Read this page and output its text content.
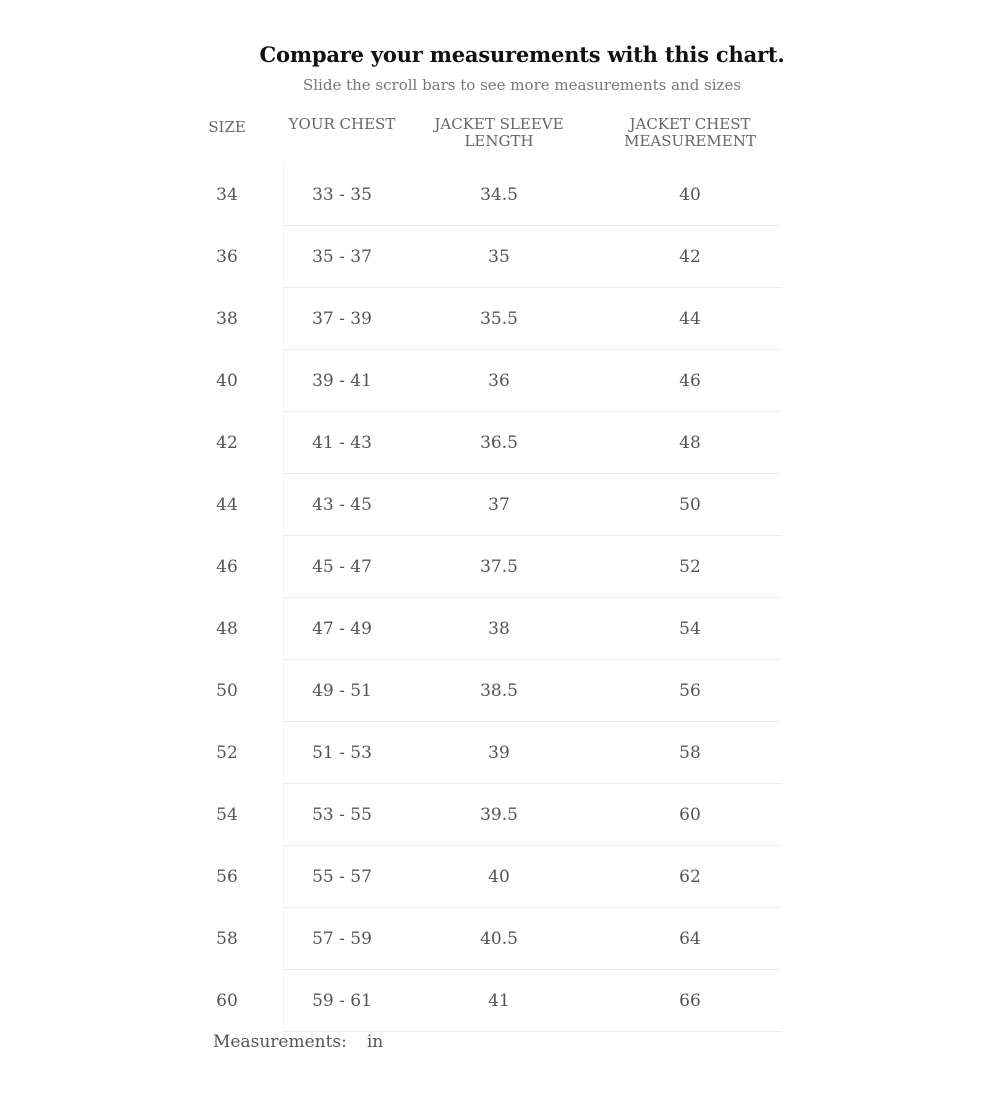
Compare your measurements with this chart.

Slide the scroll bars to see more measurements and sizes

SIZE	YOUR CHEST	JACKET SLEEVE LENGTH	JACKET CHEST MEASUREMENT
34	33 - 35	34.5	40
36	35 - 37	35	42
38	37 - 39	35.5	44
40	39 - 41	36	46
42	41 - 43	36.5	48
44	43 - 45	37	50
46	45 - 47	37.5	52
48	47 - 49	38	54
50	49 - 51	38.5	56
52	51 - 53	39	58
54	53 - 55	39.5	60
56	55 - 57	40	62
58	57 - 59	40.5	64
60	59 - 61	41	66
Measurements: in
